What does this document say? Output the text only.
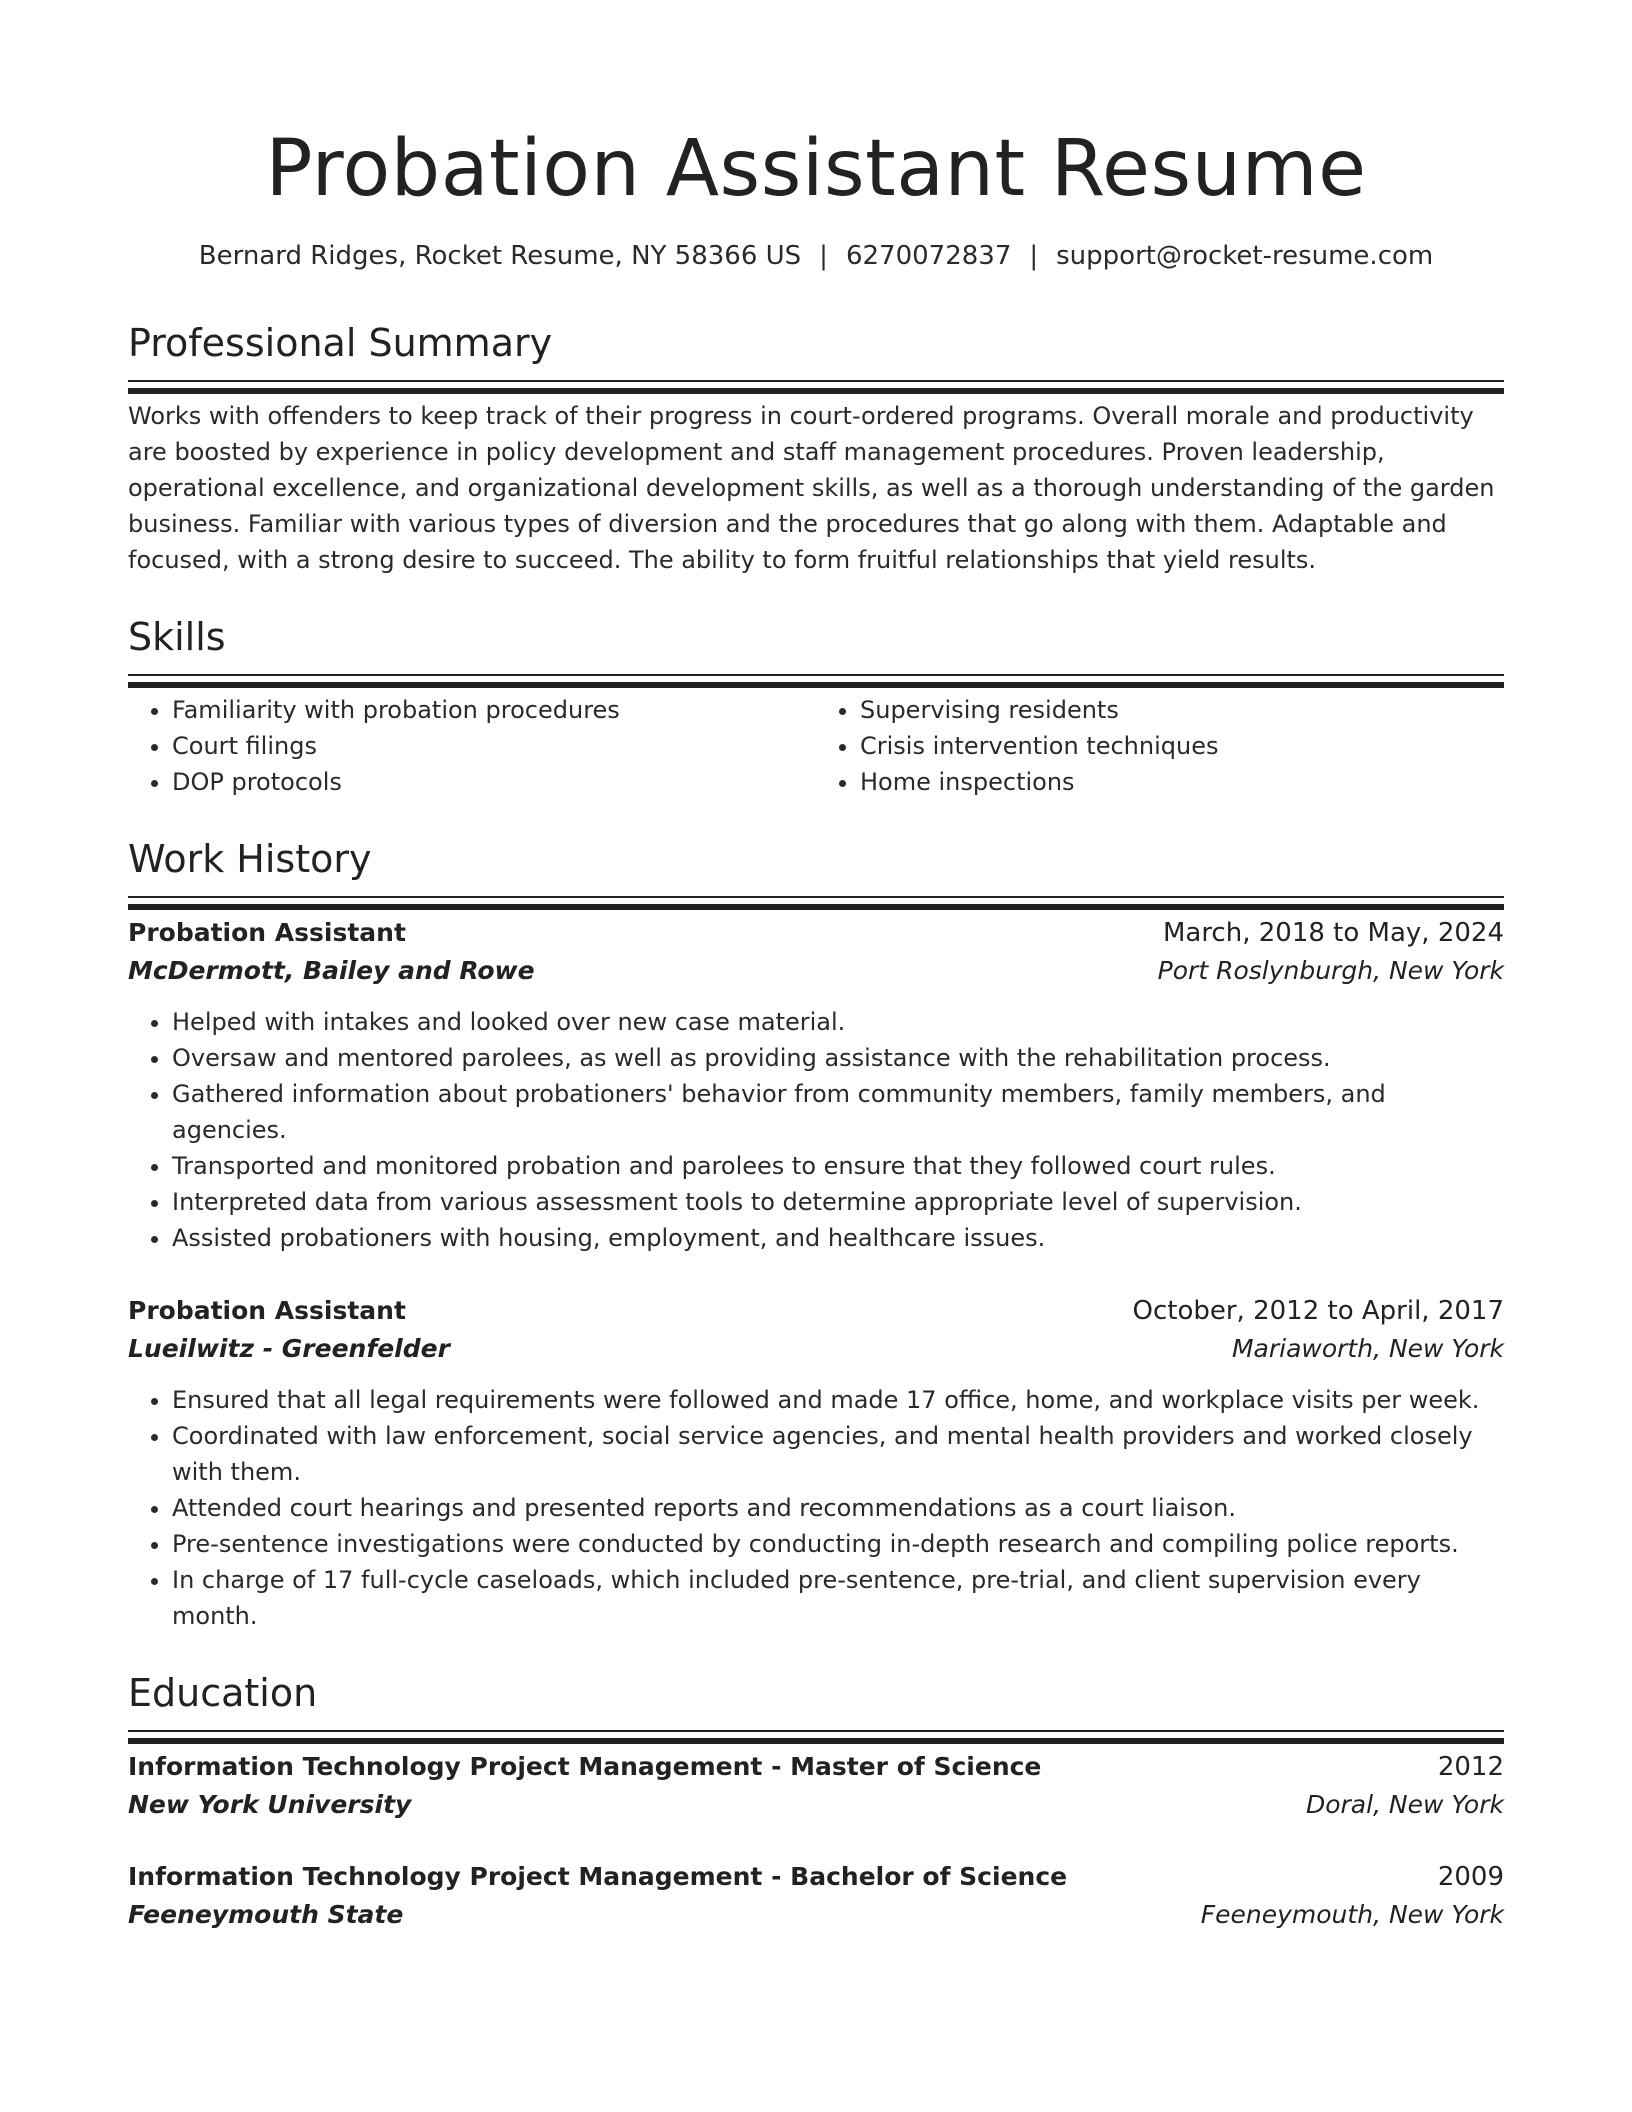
Probation Assistant Resume
Bernard Ridges, Rocket Resume, NY 58366 US | 6270072837 | support@rocket-resume.com
Professional Summary

Works with offenders to keep track of their progress in court-ordered programs. Overall morale and productivity are boosted by experience in policy development and staff management procedures. Proven leadership, operational excellence, and organizational development skills, as well as a thorough understanding of the garden business. Familiar with various types of diversion and the procedures that go along with them. Adaptable and focused, with a strong desire to succeed. The ability to form fruitful relationships that yield results.

Skills
• Familiarity with probation procedures
• Court filings
• DOP protocols
• Supervising residents
• Crisis intervention techniques
• Home inspections
Work History
Probation Assistant	March, 2018 to May, 2024
McDermott, Bailey and Rowe	Port Roslynburgh, New York
• Helped with intakes and looked over new case material.
• Oversaw and mentored parolees, as well as providing assistance with the rehabilitation process.
• Gathered information about probationers' behavior from community members, family members, and agencies.
• Transported and monitored probation and parolees to ensure that they followed court rules.
• Interpreted data from various assessment tools to determine appropriate level of supervision.
• Assisted probationers with housing, employment, and healthcare issues.
Probation Assistant	October, 2012 to April, 2017
Lueilwitz - Greenfelder	Mariaworth, New York
• Ensured that all legal requirements were followed and made 17 office, home, and workplace visits per week.
• Coordinated with law enforcement, social service agencies, and mental health providers and worked closely with them.
• Attended court hearings and presented reports and recommendations as a court liaison.
• Pre-sentence investigations were conducted by conducting in-depth research and compiling police reports.
• In charge of 17 full-cycle caseloads, which included pre-sentence, pre-trial, and client supervision every month.
Education
Information Technology Project Management - Master of Science	2012
New York University	Doral, New York
Information Technology Project Management - Bachelor of Science	2009
Feeneymouth State	Feeneymouth, New York
